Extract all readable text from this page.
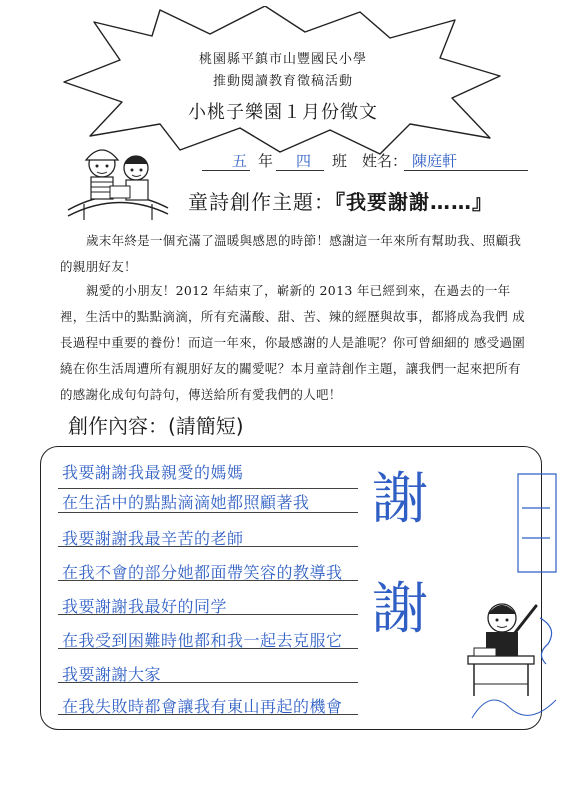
桃園縣平鎮市山豐國民小學
推動閱讀教育徵稿活動
小桃子樂園１月份徵文
五 年 四 班 姓名： 陳庭軒
童詩創作主題：『我要謝謝……』
歲末年終是一個充滿了溫暖與感恩的時節！感謝這一年來所有幫助我、照顧我的親朋好友！
親愛的小朋友！2012 年結束了，嶄新的 2013 年已經到來，在過去的一年裡，生活中的點點滴滴，所有充滿酸、甜、苦、辣的經歷與故事，都將成為我們 成長過程中重要的養份！而這一年來，你最感謝的人是誰呢？你可曾細細的 感受過圍繞在你生活周遭所有親朋好友的關愛呢？本月童詩創作主題，讓我們一起來把所有的感謝化成句句詩句，傳送給所有愛我們的人吧！
創作內容：(請簡短)
我要謝謝我最親愛的媽媽
在生活中的點點滴滴她都照顧著我
我要謝謝我最辛苦的老師
在我不會的部分她都面帶笑容的教導我
我要謝謝我最好的同学
在我受到困難時他都和我一起去克服它
我要謝謝大家
在我失敗時都會讓我有東山再起的機會
謝
謝
